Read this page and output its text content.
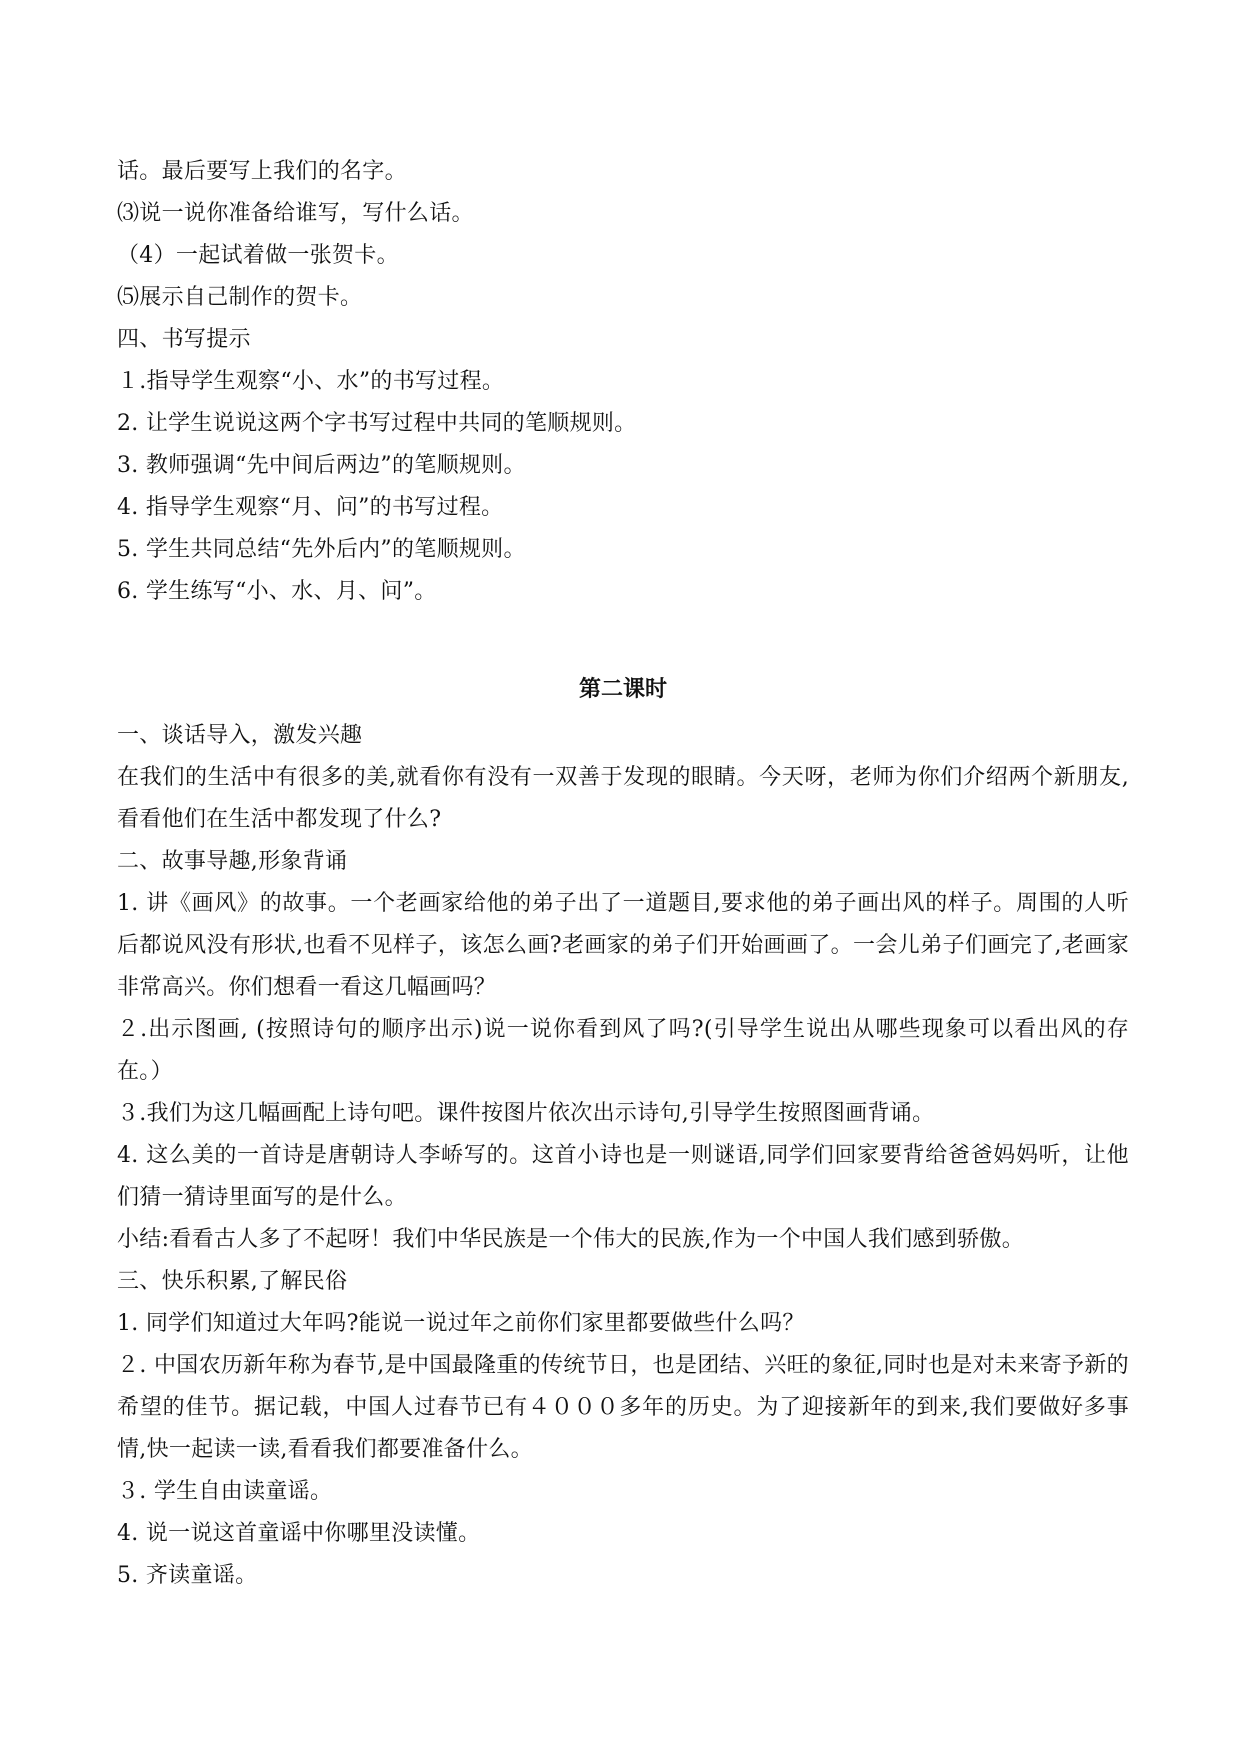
话。最后要写上我们的名字。
⑶说一说你准备给谁写，写什么话。
（4）一起试着做一张贺卡。
⑸展示自己制作的贺卡。
四、书写提示
１.指导学生观察“小、水”的书写过程。
2. 让学生说说这两个字书写过程中共同的笔顺规则。
3. 教师强调“先中间后两边”的笔顺规则。
4. 指导学生观察“月、问”的书写过程。
5. 学生共同总结“先外后内”的笔顺规则。
6. 学生练写“小、水、月、问”。
第二课时
一、谈话导入，激发兴趣
在我们的生活中有很多的美,就看你有没有一双善于发现的眼睛。今天呀，老师为你们介绍两个新朋友,看看他们在生活中都发现了什么?
二、故事导趣,形象背诵
1. 讲《画风》的故事。一个老画家给他的弟子出了一道题目,要求他的弟子画出风的样子。周围的人听后都说风没有形状,也看不见样子，该怎么画?老画家的弟子们开始画画了。一会儿弟子们画完了,老画家非常高兴。你们想看一看这几幅画吗？
２.出示图画, (按照诗句的顺序出示)说一说你看到风了吗?(引导学生说出从哪些现象可以看出风的存在。）
３.我们为这几幅画配上诗句吧。课件按图片依次出示诗句,引导学生按照图画背诵。
4. 这么美的一首诗是唐朝诗人李峤写的。这首小诗也是一则谜语,同学们回家要背给爸爸妈妈听，让他们猜一猜诗里面写的是什么。
小结:看看古人多了不起呀！我们中华民族是一个伟大的民族,作为一个中国人我们感到骄傲。
三、快乐积累,了解民俗
1. 同学们知道过大年吗?能说一说过年之前你们家里都要做些什么吗？
２. 中国农历新年称为春节,是中国最隆重的传统节日，也是团结、兴旺的象征,同时也是对未来寄予新的希望的佳节。据记载，中国人过春节已有４０００多年的历史。为了迎接新年的到来,我们要做好多事情,快一起读一读,看看我们都要准备什么。
３. 学生自由读童谣。
4. 说一说这首童谣中你哪里没读懂。
5. 齐读童谣。
